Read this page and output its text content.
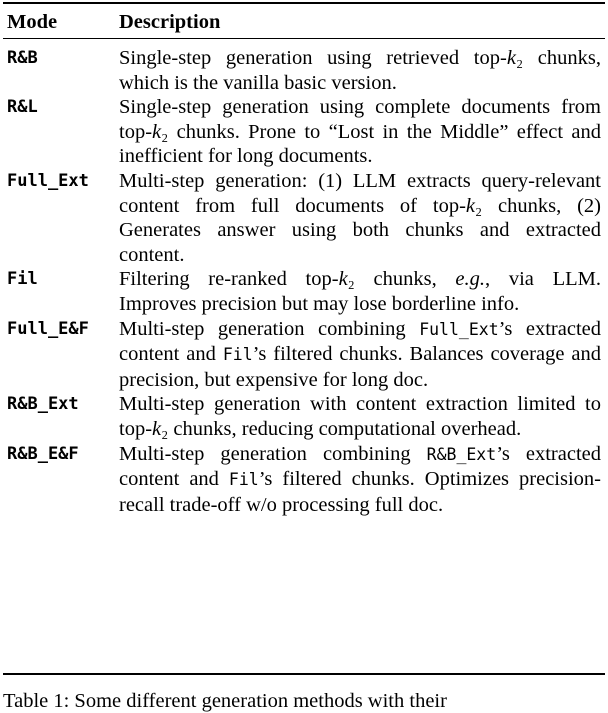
Mode	Description
R&B	Single-step generation using retrieved top-k₂ chunks, which is the vanilla basic version.
R&L	Single-step generation using complete documents from top-k₂ chunks. Prone to “Lost in the Middle” effect and inefficient for long documents.
Full_Ext	Multi-step generation: (1) LLM extracts query-relevant content from full documents of top-k₂ chunks, (2) Generates answer using both chunks and extracted content.
Fil	Filtering re-ranked top-k₂ chunks, e.g., via LLM. Improves precision but may lose borderline info.
Full_E&F	Multi-step generation combining Full_Ext’s extracted content and Fil’s filtered chunks. Balances coverage and precision, but expensive for long doc.
R&B_Ext	Multi-step generation with content extraction limited to top-k₂ chunks, reducing computational overhead.
R&B_E&F	Multi-step generation combining R&B_Ext’s extracted content and Fil’s filtered chunks. Optimizes precision-recall trade-off w/o processing full doc.
Table 1: Some different generation methods with their
